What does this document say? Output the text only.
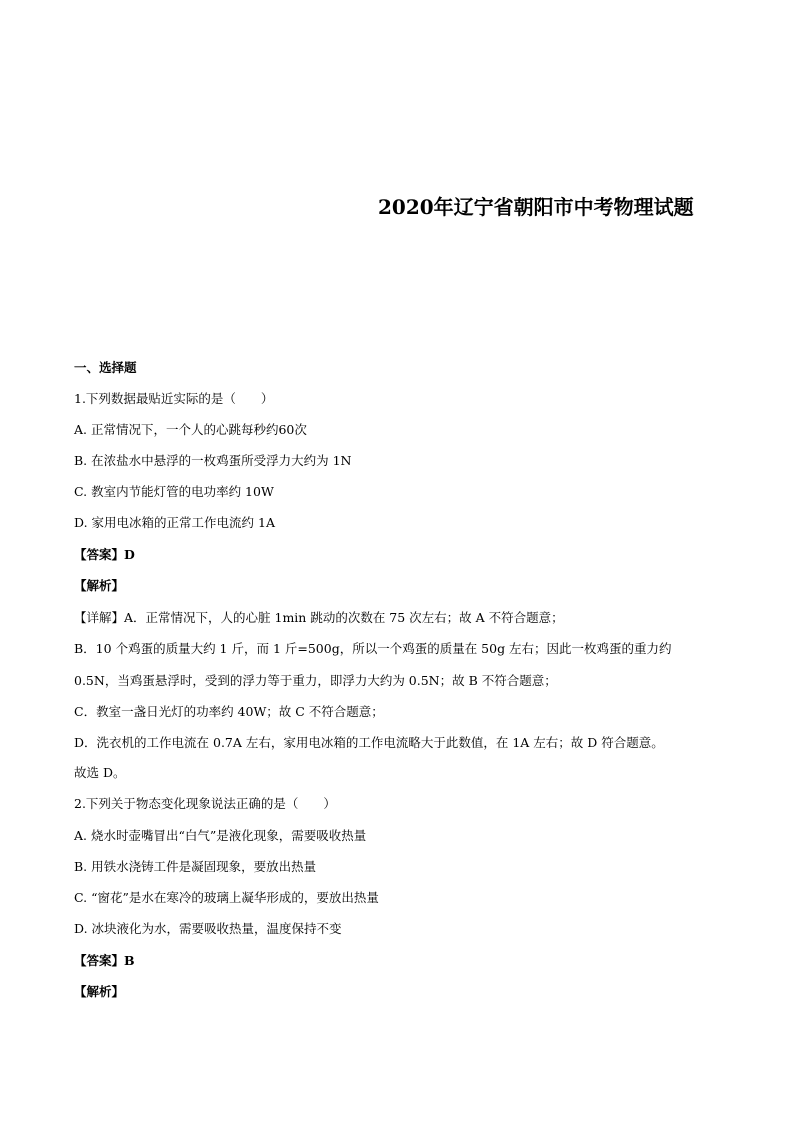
2020年辽宁省朝阳市中考物理试题
一、选择题
1.下列数据最贴近实际的是（　　）
A. 正常情况下，一个人的心跳每秒约60次
B. 在浓盐水中悬浮的一枚鸡蛋所受浮力大约为 1N
C. 教室内节能灯管的电功率约 10W
D. 家用电冰箱的正常工作电流约 1A
【答案】D
【解析】
【详解】A．正常情况下，人的心脏 1min 跳动的次数在 75 次左右；故 A 不符合题意；
B．10 个鸡蛋的质量大约 1 斤，而 1 斤=500g，所以一个鸡蛋的质量在 50g 左右；因此一枚鸡蛋的重力约
0.5N，当鸡蛋悬浮时，受到的浮力等于重力，即浮力大约为 0.5N；故 B 不符合题意；
C．教室一盏日光灯的功率约 40W；故 C 不符合题意；
D．洗衣机的工作电流在 0.7A 左右，家用电冰箱的工作电流略大于此数值，在 1A 左右；故 D 符合题意。
故选 D。
2.下列关于物态变化现象说法正确的是（　　）
A. 烧水时壶嘴冒出“白气”是液化现象，需要吸收热量
B. 用铁水浇铸工件是凝固现象，要放出热量
C. “窗花”是水在寒冷的玻璃上凝华形成的，要放出热量
D. 冰块液化为水，需要吸收热量，温度保持不变
【答案】B
【解析】
